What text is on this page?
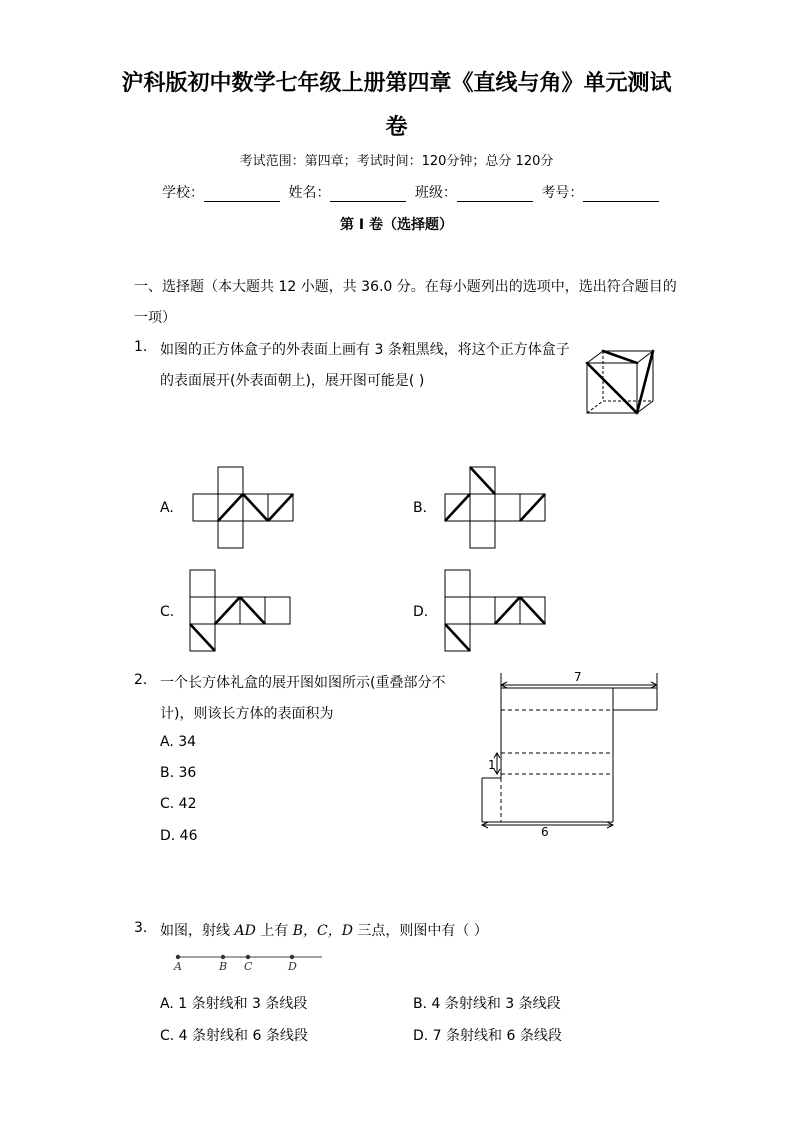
沪科版初中数学七年级上册第四章《直线与角》单元测试
卷
考试范围：第四章；考试时间：120分钟；总分 120分
学校：	姓名：	班级：	考号：
第 I 卷（选择题）
一、选择题（本大题共 12 小题，共 36.0 分。在每小题列出的选项中，选出符合题目的
一项）
1. 如图的正方体盒子的外表面上画有 3 条粗黑线，将这个正方体盒子
的表面展开(外表面朝上)，展开图可能是( )
A.	B.
C.	D.
2. 一个长方体礼盒的展开图如图所示(重叠部分不
计)，则该长方体的表面积为
A. 34
B. 36
C. 42
D. 46
7
1
6
3. 如图，射线 AD 上有 B，C，D 三点，则图中有（ ）
A	B C	D
A. 1 条射线和 3 条线段	B. 4 条射线和 3 条线段
C. 4 条射线和 6 条线段	D. 7 条射线和 6 条线段
